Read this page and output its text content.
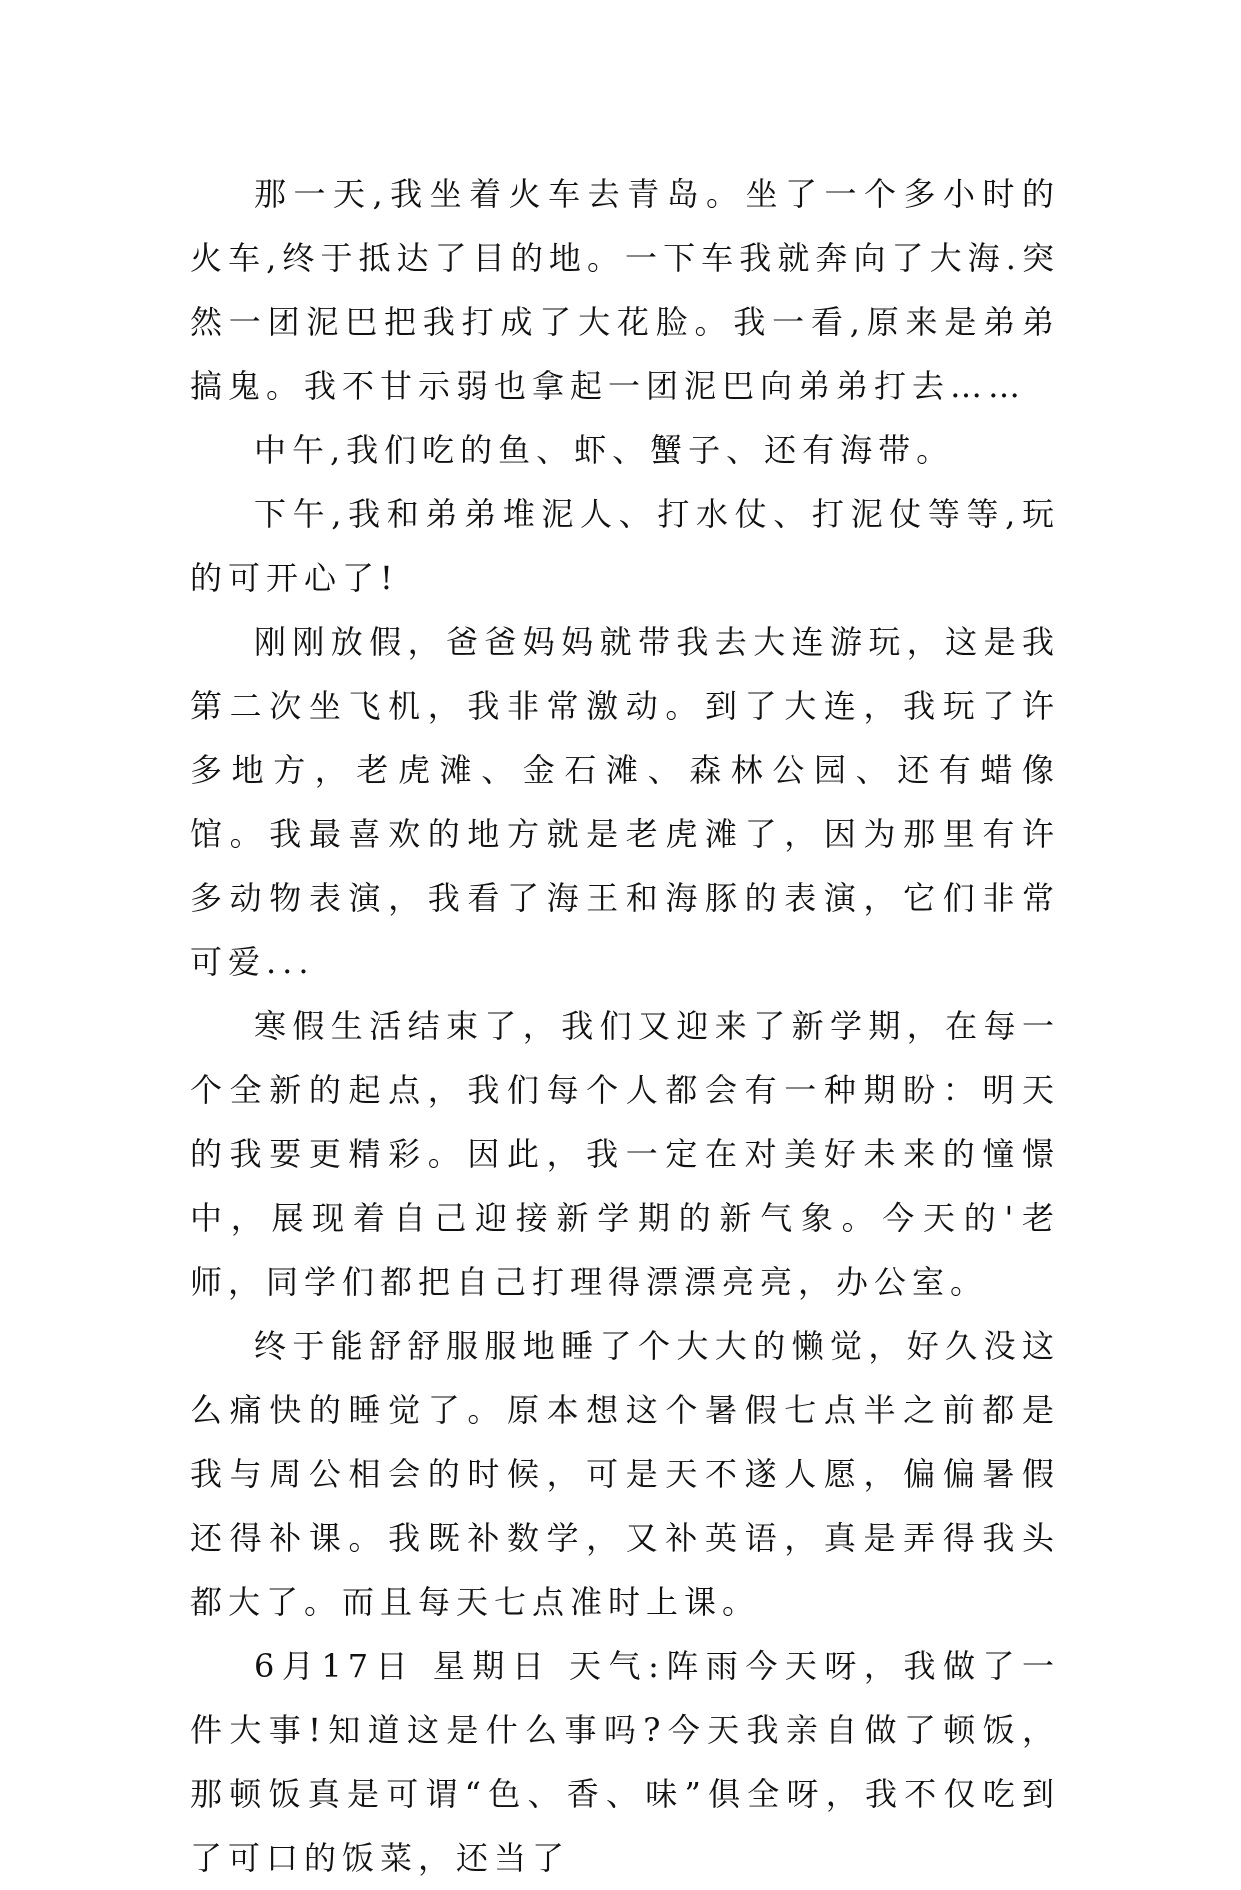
那一天,我坐着火车去青岛。坐了一个多小时的火车,终于抵达了目的地。一下车我就奔向了大海.突然一团泥巴把我打成了大花脸。我一看,原来是弟弟搞鬼。我不甘示弱也拿起一团泥巴向弟弟打去……

中午,我们吃的鱼、虾、蟹子、还有海带。

下午,我和弟弟堆泥人、打水仗、打泥仗等等,玩的可开心了!

刚刚放假，爸爸妈妈就带我去大连游玩，这是我第二次坐飞机，我非常激动。到了大连，我玩了许多地方，老虎滩、金石滩、森林公园、还有蜡像馆。我最喜欢的地方就是老虎滩了，因为那里有许多动物表演，我看了海王和海豚的表演，它们非常可爱...

寒假生活结束了，我们又迎来了新学期，在每一个全新的起点，我们每个人都会有一种期盼：明天的我要更精彩。因此，我一定在对美好未来的憧憬中，展现着自己迎接新学期的新气象。今天的'老师，同学们都把自己打理得漂漂亮亮，办公室。

终于能舒舒服服地睡了个大大的懒觉，好久没这么痛快的睡觉了。原本想这个暑假七点半之前都是我与周公相会的时候，可是天不遂人愿，偏偏暑假还得补课。我既补数学，又补英语，真是弄得我头都大了。而且每天七点准时上课。

6月17日 星期日 天气:阵雨今天呀，我做了一件大事!知道这是什么事吗?今天我亲自做了顿饭，那顿饭真是可谓“色、香、味”俱全呀，我不仅吃到了可口的饭菜，还当了
